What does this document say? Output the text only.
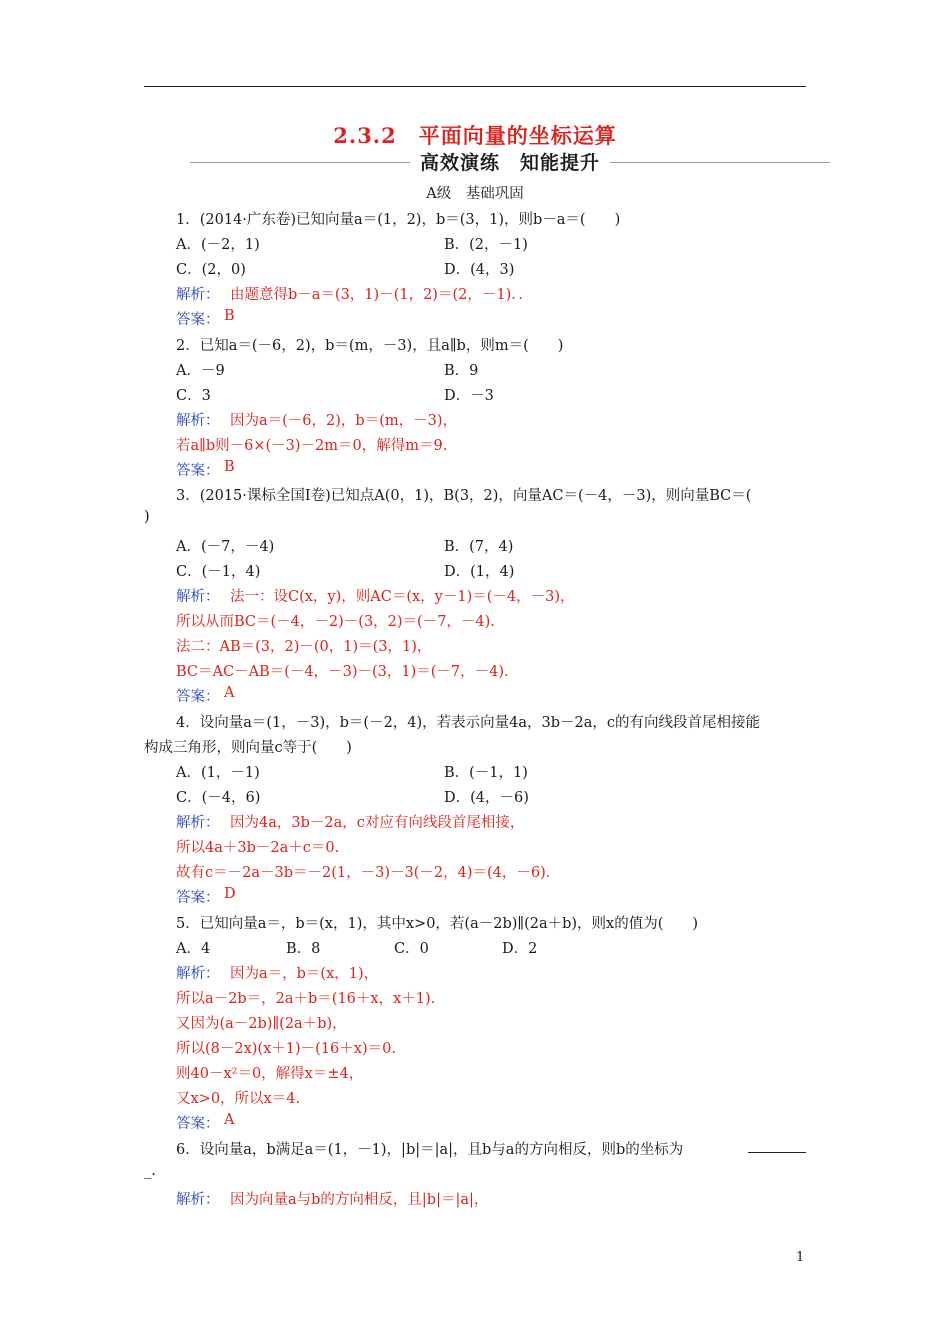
2.3.2　平面向量的坐标运算
高效演练　知能提升
A级　基础巩固
1．(2014·广东卷)已知向量a＝(1，2)，b＝(3，1)，则b－a＝(　　)
A．(－2，1)	B．(2，－1)
C．(2，0)	D．(4，3)
解析： 由题意得b－a＝(3，1)－(1，2)＝(2，－1)．．
答案： B
2．已知a＝(－6，2)，b＝(m，－3)，且a∥b，则m＝(　　)
A．－9	B．9
C．3	D．－3
解析： 因为a＝(－6，2)，b＝(m，－3)，
若a∥b则－6×(－3)－2m＝0，解得m＝9.
答案： B
3．(2015·课标全国Ⅰ卷)已知点A(0，1)，B(3，2)，向量AC＝(－4，－3)，则向量BC＝(
)
A．(－7，－4)	B．(7，4)
C．(－1，4)	D．(1，4)
解析： 法一：设C(x，y)，则AC＝(x，y－1)＝(－4，－3)，
所以从而BC＝(－4，－2)－(3，2)＝(－7，－4).
法二：AB＝(3，2)－(0，1)＝(3，1)，
BC＝AC－AB＝(－4，－3)－(3，1)＝(－7，－4)．
答案： A
4．设向量a＝(1，－3)，b＝(－2，4)，若表示向量4a，3b－2a，c的有向线段首尾相接能
构成三角形，则向量c等于(　　)
A．(1，－1)	B．(－1，1)
C．(－4，6)	D．(4，－6)
解析： 因为4a，3b－2a，c对应有向线段首尾相接，
所以4a＋3b－2a＋c＝0.
故有c＝－2a－3b＝－2(1，－3)－3(－2，4)＝(4，－6)．
答案： D
5．已知向量a＝，b＝(x，1)，其中x>0，若(a－2b)∥(2a＋b)，则x的值为(　　)
A．4	B．8	C．0	D．2
解析： 因为a＝，b＝(x，1)，
所以a－2b＝，2a＋b＝(16＋x，x＋1).
又因为(a－2b)∥(2a＋b)，
所以(8－2x)(x＋1)－(16＋x)＝0.
则40－x²＝0，解得x＝±4，
又x>0，所以x＝4.
答案： A
6．设向量a，b满足a＝(1，－1)，|b|＝|a|，且b与a的方向相反，则b的坐标为
_.
解析： 因为向量a与b的方向相反，且|b|＝|a|，
1
